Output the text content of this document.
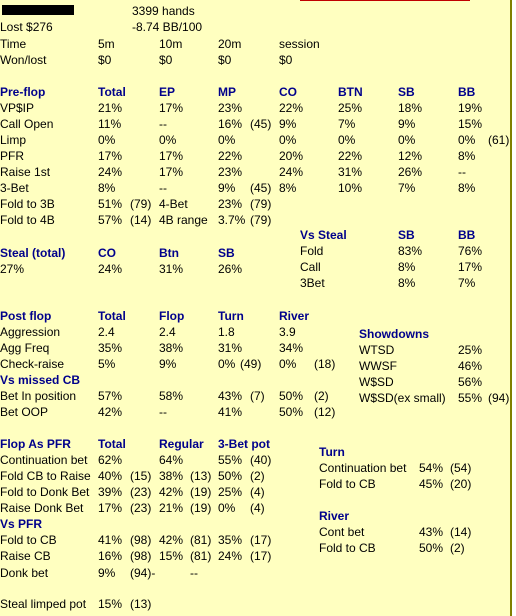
3399 hands
Lost $276	-8.74 BB/100
Time	5m	10m	20m	session
Won/lost	$0	$0	$0	$0
Pre-flop	Total	EP	MP	CO	BTN	SB	BB
VP$IP	21%	17%	23%	22%	25%	18%	19%
Call Open	11%	--	16% (45) 9%	7%	9%	15%
Limp	0%	0%	0%	0%	0%	0%	0% (61)
PFR	17%	17%	22%	20%	22%	12%	8%
Raise 1st	24%	17%	23%	24%	31%	26%	--
3-Bet	8%	--	9% (45) 8%	10%	7%	8%
Fold to 3B	51% (79) 4-Bet	23% (79)
Fold to 4B	57% (14) 4B range 3.7% (79)
Vs Steal	SB	BB
Fold	83%	76%
Call	8%	17%
3Bet	8%	7%
Steal (total)	CO	Btn	SB
27%	24%	31%	26%
Post flop	Total	Flop	Turn	River
Aggression	2.4	2.4	1.8	3.9
Agg Freq	35%	38%	31%	34%
Check-raise	5%	9%	0% (49) 0% (18)
Vs missed CB
Bet In position 57%	58%	43% (7) 50% (2)
Bet OOP	42%	--	41%	50% (12)
Showdowns
WTSD	25%
WWSF	46%
W$SD	56%
W$SD(ex small) 55% (94)
Flop As PFR Total	Regular 3-Bet pot
Continuation bet 62%	64%	55% (40)
Fold CB to Raise 40% (15) 38% (13) 50% (2)
Fold to Donk Bet 39% (23) 42% (19) 25% (4)
Raise Donk Bet 17% (23) 21% (19) 0% (4)
Vs PFR
Fold to CB	41% (98) 42% (81) 35% (17)
Raise CB	16% (98) 15% (81) 24% (17)
Donk bet	9% (94)-	--
Turn
Continuation bet 54% (54)
Fold to CB	45% (20)
River
Cont bet	43% (14)
Fold to CB	50% (2)
Steal limped pot 15% (13)
